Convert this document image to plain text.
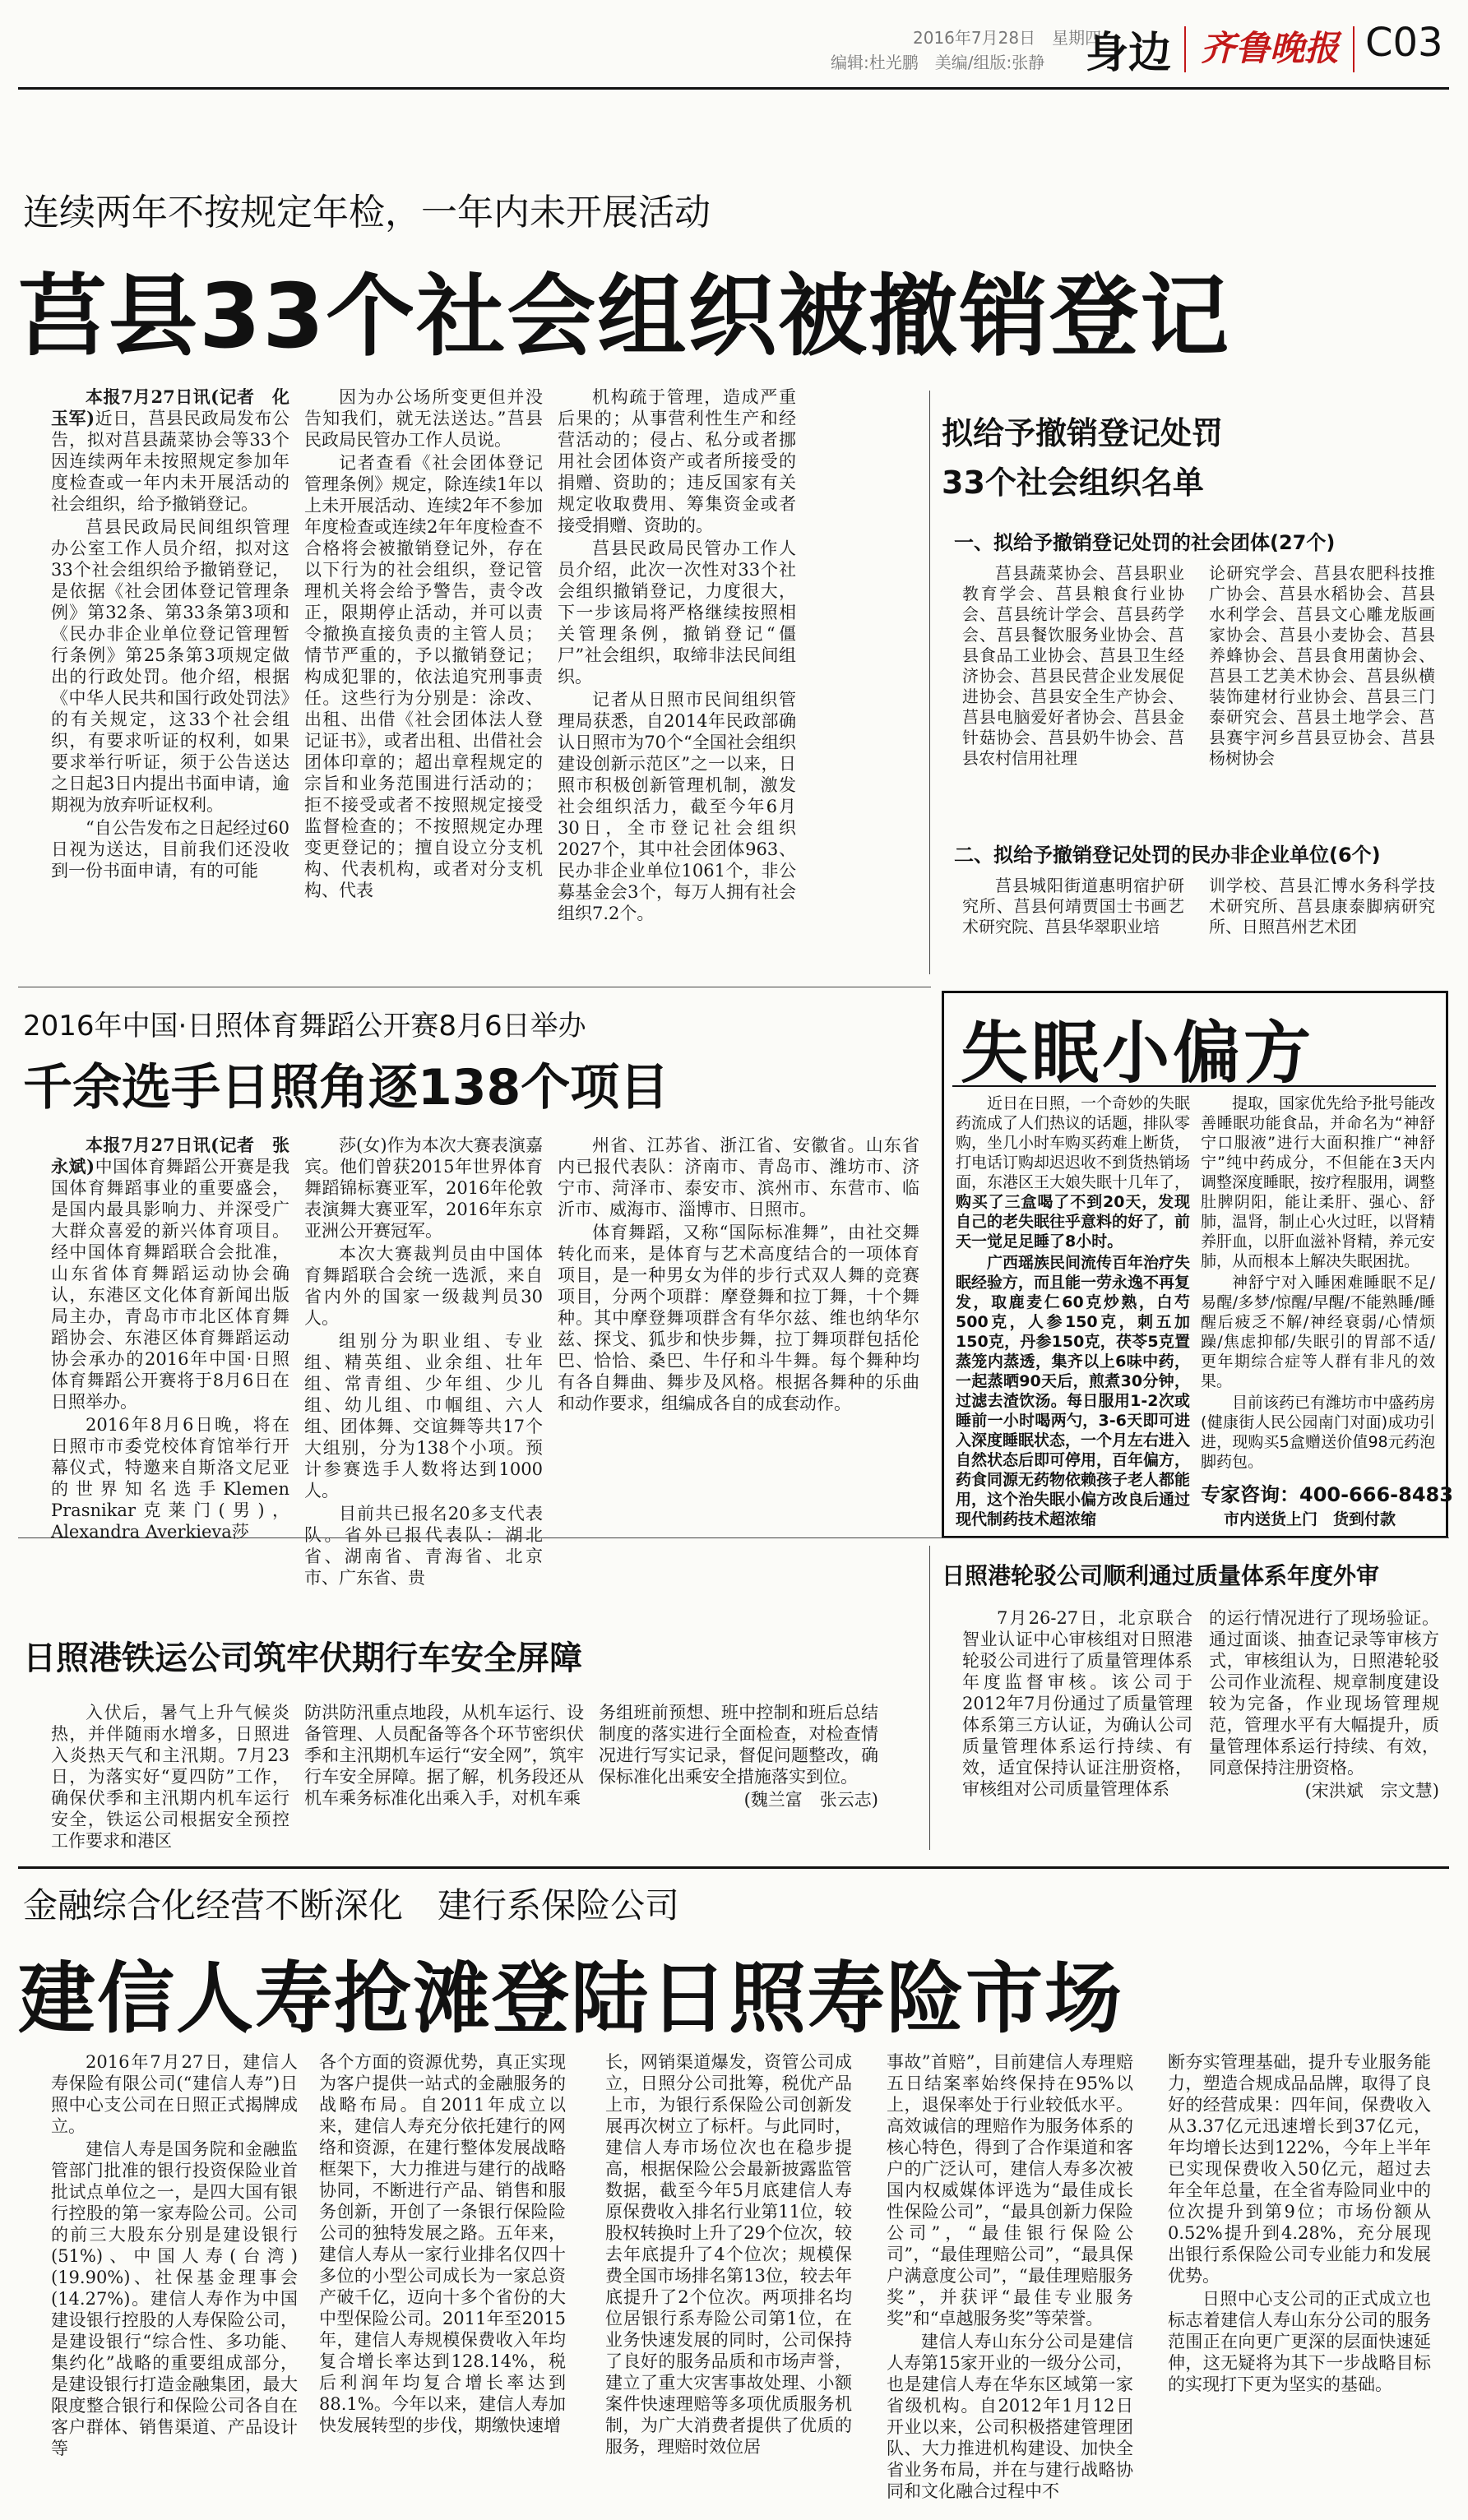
2016年7月28日　星期四
编辑:杜光鹏　美编/组版:张静 身边 齐鲁晚报 C03
连续两年不按规定年检，一年内未开展活动
莒县33个社会组织被撤销登记

本报7月27日讯(记者　化玉军)近日，莒县民政局发布公告，拟对莒县蔬菜协会等33个因连续两年未按照规定参加年度检查或一年内未开展活动的社会组织，给予撤销登记。

莒县民政局民间组织管理办公室工作人员介绍，拟对这33个社会组织给予撤销登记，是依据《社会团体登记管理条例》第32条、第33条第3项和《民办非企业单位登记管理暂行条例》第25条第3项规定做出的行政处罚。他介绍，根据《中华人民共和国行政处罚法》的有关规定，这33个社会组织，有要求听证的权利，如果要求举行听证，须于公告送达之日起3日内提出书面申请，逾期视为放弃听证权利。

“自公告发布之日起经过60日视为送达，目前我们还没收到一份书面申请，有的可能

因为办公场所变更但并没告知我们，就无法送达。”莒县民政局民管办工作人员说。

记者查看《社会团体登记管理条例》规定，除连续1年以上未开展活动、连续2年不参加年度检查或连续2年年度检查不合格将会被撤销登记外，存在以下行为的社会组织，登记管理机关将会给予警告，责令改正，限期停止活动，并可以责令撤换直接负责的主管人员；情节严重的，予以撤销登记；构成犯罪的，依法追究刑事责任。这些行为分别是：涂改、出租、出借《社会团体法人登记证书》，或者出租、出借社会团体印章的；超出章程规定的宗旨和业务范围进行活动的；拒不接受或者不按照规定接受监督检查的；不按照规定办理变更登记的；擅自设立分支机构、代表机构，或者对分支机构、代表

机构疏于管理，造成严重后果的；从事营利性生产和经营活动的；侵占、私分或者挪用社会团体资产或者所接受的捐赠、资助的；违反国家有关规定收取费用、筹集资金或者接受捐赠、资助的。

莒县民政局民管办工作人员介绍，此次一次性对33个社会组织撤销登记，力度很大，下一步该局将严格继续按照相关管理条例，撤销登记“僵尸”社会组织，取缔非法民间组织。

记者从日照市民间组织管理局获悉，自2014年民政部确认日照市为70个“全国社会组织建设创新示范区”之一以来，日照市积极创新管理机制，激发社会组织活力，截至今年6月30日，全市登记社会组织2027个，其中社会团体963、民办非企业单位1061个，非公募基金会3个，每万人拥有社会组织7.2个。

拟给予撤销登记处罚
33个社会组织名单
一、拟给予撤销登记处罚的社会团体(27个)

莒县蔬菜协会、莒县职业教育学会、莒县粮食行业协会、莒县统计学会、莒县药学会、莒县餐饮服务业协会、莒县食品工业协会、莒县卫生经济协会、莒县民营企业发展促进协会、莒县安全生产协会、莒县电脑爱好者协会、莒县金针菇协会、莒县奶牛协会、莒县农村信用社理

论研究学会、莒县农肥科技推广协会、莒县水稻协会、莒县水利学会、莒县文心雕龙版画家协会、莒县小麦协会、莒县养蜂协会、莒县食用菌协会、莒县工艺美术协会、莒县纵横装饰建材行业协会、莒县三门泰研究会、莒县土地学会、莒县赛宇河乡莒县豆协会、莒县杨树协会

二、拟给予撤销登记处罚的民办非企业单位(6个)

莒县城阳街道惠明宿护研究所、莒县何靖贾国士书画艺术研究院、莒县华翠职业培

训学校、莒县汇博水务科学技术研究所、莒县康泰脚病研究所、日照莒州艺术团

2016年中国·日照体育舞蹈公开赛8月6日举办
千余选手日照角逐138个项目

本报7月27日讯(记者　张永斌)中国体育舞蹈公开赛是我国体育舞蹈事业的重要盛会，是国内最具影响力、并深受广大群众喜爱的新兴体育项目。经中国体育舞蹈联合会批准，山东省体育舞蹈运动协会确认，东港区文化体育新闻出版局主办，青岛市市北区体育舞蹈协会、东港区体育舞蹈运动协会承办的2016年中国·日照体育舞蹈公开赛将于8月6日在日照举办。

2016年8月6日晚，将在日照市市委党校体育馆举行开幕仪式，特邀来自斯洛文尼亚的世界知名选手Klemen Prasnikar克莱门(男)，Alexandra Averkieva莎

莎(女)作为本次大赛表演嘉宾。他们曾获2015年世界体育舞蹈锦标赛亚军，2016年伦敦表演舞大赛亚军，2016年东京亚洲公开赛冠军。

本次大赛裁判员由中国体育舞蹈联合会统一选派，来自省内外的国家一级裁判员30人。

组别分为职业组、专业组、精英组、业余组、壮年组、常青组、少年组、少儿组、幼儿组、巾帼组、六人组、团体舞、交谊舞等共17个大组别，分为138个小项。预计参赛选手人数将达到1000人。

目前共已报名20多支代表队。省外已报代表队：湖北省、湖南省、青海省、北京市、广东省、贵

州省、江苏省、浙江省、安徽省。山东省内已报代表队：济南市、青岛市、潍坊市、济宁市、菏泽市、泰安市、滨州市、东营市、临沂市、威海市、淄博市、日照市。

体育舞蹈，又称“国际标准舞”，由社交舞转化而来，是体育与艺术高度结合的一项体育项目，是一种男女为伴的步行式双人舞的竞赛项目，分两个项群：摩登舞和拉丁舞，十个舞种。其中摩登舞项群含有华尔兹、维也纳华尔兹、探戈、狐步和快步舞，拉丁舞项群包括伦巴、恰恰、桑巴、牛仔和斗牛舞。每个舞种均有各自舞曲、舞步及风格。根据各舞种的乐曲和动作要求，组编成各自的成套动作。

失眠小偏方

近日在日照，一个奇妙的失眠药流成了人们热议的话题，排队零购，坐几小时车购买药难上断货，打电话订购却迟迟收不到货热销场面，东港区王大娘失眠十几年了，购买了三盒喝了不到20天，发现自己的老失眠往乎意料的好了，前天一觉足足睡了8小时。

广西瑶族民间流传百年治疗失眠经验方，而且能一劳永逸不再复发，取鹿麦仁60克炒熟，白芍500克，人参150克，刺五加150克，丹参150克，茯苓5克置蒸笼内蒸透，集齐以上6味中药，一起蒸晒90天后，煎煮30分钟，过滤去渣饮汤。每日服用1-2次或睡前一小时喝两勺，3-6天即可进入深度睡眠状态，一个月左右进入自然状态后即可停用，百年偏方，药食同源无药物依赖孩子老人都能用，这个治失眠小偏方改良后通过现代制药技术超浓缩

提取，国家优先给予批号能改善睡眠功能食品，并命名为“神舒宁口服液”进行大面积推广“神舒宁”纯中药成分，不但能在3天内调整深度睡眠，按疗程服用，调整肚脾阴阳，能让柔肝、强心、舒肺，温肾，制止心火过旺，以肾精养肝血，以肝血滋补肾精，养元安肺，从而根本上解决失眠困扰。

神舒宁对入睡困难睡眠不足/易醒/多梦/惊醒/早醒/不能熟睡/睡醒后疲乏不解/神经衰弱/心情烦躁/焦虑抑郁/失眠引的胃部不适/更年期综合症等人群有非凡的效果。

目前该药已有潍坊市中盛药房(健康街人民公园南门对面)成功引进，现购买5盒赠送价值98元药泡脚药包。

专家咨询：400-666-8483
市内送货上门　货到付款
日照港铁运公司筑牢伏期行车安全屏障

入伏后，暑气上升气候炎热，并伴随雨水增多，日照进入炎热天气和主汛期。7月23日，为落实好“夏四防”工作，确保伏季和主汛期内机车运行安全，铁运公司根据安全预控工作要求和港区

防洪防汛重点地段，从机车运行、设备管理、人员配备等各个环节密织伏季和主汛期机车运行“安全网”，筑牢行车安全屏障。据了解，机务段还从机车乘务标准化出乘入手，对机车乘

务组班前预想、班中控制和班后总结制度的落实进行全面检查，对检查情况进行写实记录，督促问题整改，确保标准化出乘安全措施落实到位。

(魏兰富　张云志)

日照港轮驳公司顺利通过质量体系年度外审

7月26-27日，北京联合智业认证中心审核组对日照港轮驳公司进行了质量管理体系年度监督审核。该公司于2012年7月份通过了质量管理体系第三方认证，为确认公司质量管理体系运行持续、有效，适宜保持认证注册资格，审核组对公司质量管理体系

的运行情况进行了现场验证。通过面谈、抽查记录等审核方式，审核组认为，日照港轮驳公司作业流程、规章制度建设较为完备，作业现场管理规范，管理水平有大幅提升，质量管理体系运行持续、有效，同意保持注册资格。

(宋洪斌　宗文慧)

金融综合化经营不断深化　建行系保险公司
建信人寿抢滩登陆日照寿险市场

2016年7月27日，建信人寿保险有限公司(“建信人寿”)日照中心支公司在日照正式揭牌成立。

建信人寿是国务院和金融监管部门批准的银行投资保险业首批试点单位之一，是四大国有银行控股的第一家寿险公司。公司的前三大股东分别是建设银行(51%)、中国人寿(台湾)(19.90%)、社保基金理事会(14.27%)。建信人寿作为中国建设银行控股的人寿保险公司，是建设银行“综合性、多功能、集约化”战略的重要组成部分，是建设银行打造金融集团，最大限度整合银行和保险公司各自在客户群体、销售渠道、产品设计等

各个方面的资源优势，真正实现为客户提供一站式的金融服务的战略布局。自2011年成立以来，建信人寿充分依托建行的网络和资源，在建行整体发展战略框架下，大力推进与建行的战略协同，不断进行产品、销售和服务创新，开创了一条银行保险险公司的独特发展之路。五年来，建信人寿从一家行业排名仅四十多位的小型公司成长为一家总资产破千亿，迈向十多个省份的大中型保险公司。2011年至2015年，建信人寿规模保费收入年均复合增长率达到128.14%，税后利润年均复合增长率达到88.1%。今年以来，建信人寿加快发展转型的步伐，期缴快速增

长，网销渠道爆发，资管公司成立，日照分公司批筹，税优产品上市，为银行系保险公司创新发展再次树立了标杆。与此同时，建信人寿市场位次也在稳步提高，根据保险公会最新披露监管数据，截至今年5月底建信人寿原保费收入排名行业第11位，较股权转换时上升了29个位次，较去年底提升了4个位次；规模保费全国市场排名第13位，较去年底提升了2个位次。两项排名均位居银行系寿险公司第1位，在业务快速发展的同时，公司保持了良好的服务品质和市场声誉，建立了重大灾害事故处理、小额案件快速理赔等多项优质服务机制，为广大消费者提供了优质的服务，理赔时效位居

事故”首赔”，目前建信人寿理赔五日结案率始终保持在95%以上，退保率处于行业较低水平。高效诚信的理赔作为服务体系的核心特色，得到了合作渠道和客户的广泛认可，建信人寿多次被国内权威媒体评选为“最佳成长性保险公司”，“最具创新力保险公司”，“最佳银行保险公司”，“最佳理赔公司”，“最具保户满意度公司”，“最佳理赔服务奖”，并获评“最佳专业服务奖”和“卓越服务奖”等荣誉。

建信人寿山东分公司是建信人寿第15家开业的一级分公司，也是建信人寿在华东区域第一家省级机构。自2012年1月12日开业以来，公司积极搭建管理团队、大力推进机构建设、加快全省业务布局，并在与建行战略协同和文化融合过程中不

断夯实管理基础，提升专业服务能力，塑造合规成品品牌，取得了良好的经营成果：四年间，保费收入从3.37亿元迅速增长到37亿元，年均增长达到122%，今年上半年已实现保费收入50亿元，超过去年全年总量，在全省寿险同业中的位次提升到第9位；市场份额从0.52%提升到4.28%，充分展现出银行系保险公司专业能力和发展优势。

日照中心支公司的正式成立也标志着建信人寿山东分公司的服务范围正在向更广更深的层面快速延伸，这无疑将为其下一步战略目标的实现打下更为坚实的基础。
